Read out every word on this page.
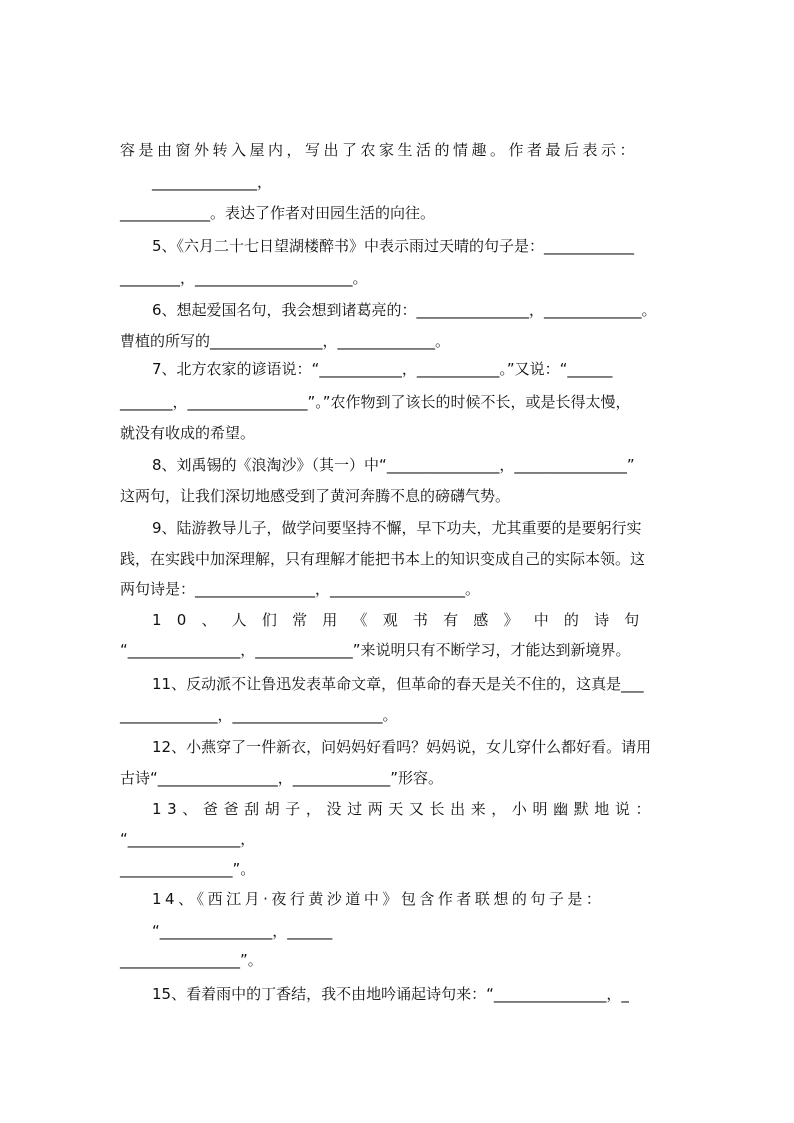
容是由窗外转入屋内，写出了农家生活的情趣。作者最后表示：
______________，
____________。表达了作者对田园生活的向往。
5、《六月二十七日望湖楼醉书》中表示雨过天晴的句子是：____________
________，_____________________。
6、想起爱国名句，我会想到诸葛亮的：_______________，_____________。
曹植的所写的_______________，_____________。
7、北方农家的谚语说：“___________，___________。”又说：“______
_______，________________”。”农作物到了该长的时候不长，或是长得太慢，
就没有收成的希望。
8、刘禹锡的《浪淘沙》（其一）中“_______________，_______________”
这两句，让我们深切地感受到了黄河奔腾不息的磅礴气势。
9、陆游教导儿子，做学问要坚持不懈，早下功夫，尤其重要的是要躬行实
践，在实践中加深理解，只有理解才能把书本上的知识变成自己的实际本领。这
两句诗是：________________，__________________。
10、人们常用《观书有感》中的诗句
“_______________，_____________”来说明只有不断学习，才能达到新境界。
11、反动派不让鲁迅发表革命文章，但革命的春天是关不住的，这真是___
_____________，____________________。
12、小燕穿了一件新衣，问妈妈好看吗？妈妈说，女儿穿什么都好看。请用
古诗“________________，_____________”形容。
13、爸爸刮胡子，没过两天又长出来，小明幽默地说：
“_______________，
_______________”。
14、《西江月·夜行黄沙道中》包含作者联想的句子是：
“_______________，______
________________”。
15、看着雨中的丁香结，我不由地吟诵起诗句来：“_______________，_
